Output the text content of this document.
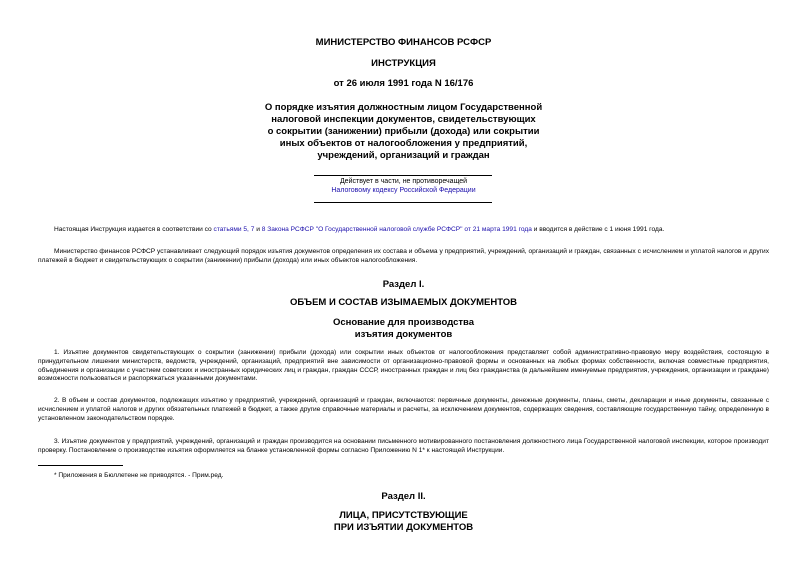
МИНИСТЕРСТВО ФИНАНСОВ РСФСР
ИНСТРУКЦИЯ
от 26 июля 1991 года N 16/176
О порядке изъятия должностным лицом Государственной
налоговой инспекции документов, свидетельствующих
о сокрытии (занижении) прибыли (дохода) или сокрытии
иных объектов от налогообложения у предприятий,
учреждений, организаций и граждан
Действует в части, не противоречащей
Налоговому кодексу Российской Федерации

Настоящая Инструкция издается в соответствии со статьями 5, 7 и 8 Закона РСФСР "О Государственной налоговой службе РСФСР" от 21 марта 1991 года и вводится в действие с 1 июня 1991 года.

Министерство финансов РСФСР устанавливает следующий порядок изъятия документов определения их состава и объема у предприятий, учреждений, организаций и граждан, связанных с исчислением и уплатой налогов и других платежей в бюджет и свидетельствующих о сокрытии (занижении) прибыли (дохода) или иных объектов налогообложения.

Раздел I.
ОБЪЕМ И СОСТАВ ИЗЫМАЕМЫХ ДОКУМЕНТОВ
Основание для производства
изъятия документов

1. Изъятие документов свидетельствующих о сокрытии (занижении) прибыли (дохода) или сокрытии иных объектов от налогообложения представляет собой административно-правовую меру воздействия, состоящую в принудительном лишении министерств, ведомств, учреждений, организаций, предприятий вне зависимости от организационно-правовой формы и основанных на любых формах собственности, включая совместные предприятия, объединения и организации с участием советских и иностранных юридических лиц и граждан, граждан СССР, иностранных граждан и лиц без гражданства (в дальнейшем именуемые предприятия, учреждения, организации и граждане) возможности пользоваться и распоряжаться указанными документами.

2. В объем и состав документов, подлежащих изъятию у предприятий, учреждений, организаций и граждан, включаются: первичные документы, денежные документы, планы, сметы, декларации и иные документы, связанные с исчислением и уплатой налогов и других обязательных платежей в бюджет, а также другие справочные материалы и расчеты, за исключением документов, содержащих сведения, составляющие государственную тайну, определенную в установленном законодательством порядке.

3. Изъятие документов у предприятий, учреждений, организаций и граждан производится на основании письменного мотивированного постановления должностного лица Государственной налоговой инспекции, которое производит проверку. Постановление о производстве изъятия оформляется на бланке установленной формы согласно Приложению N 1* к настоящей Инструкции.

* Приложения в Бюллетене не приводятся. - Прим.ред.
Раздел II.
ЛИЦА, ПРИСУТСТВУЮЩИЕ
ПРИ ИЗЪЯТИИ ДОКУМЕНТОВ
